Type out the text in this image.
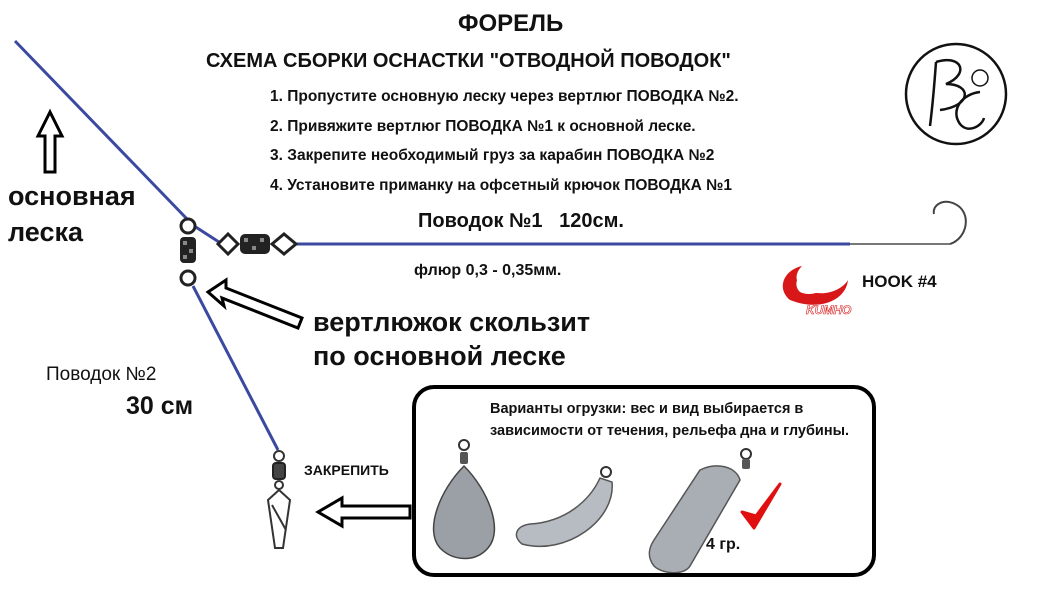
KUMHO
ФОРЕЛЬ
СХЕМА СБОРКИ ОСНАСТКИ "ОТВОДНОЙ ПОВОДОК"
1. Пропустите основную леску через вертлюг ПОВОДКА №2.
2. Привяжите вертлюг ПОВОДКА №1 к основной леске.
3. Закрепите необходимый груз за карабин ПОВОДКА №2
4. Установите приманку на офсетный крючок ПОВОДКА №1
основная
леска	Поводок №1   120см.
флюр 0,3 - 0,35мм.
HOOK #4
вертлюжок скользит
по основной леске
Поводок №2
30 см
ЗАКРЕПИТЬ
Варианты огрузки: вес и вид выбирается в зависимости от течения, рельефа дна и глубины.
4 гр.
